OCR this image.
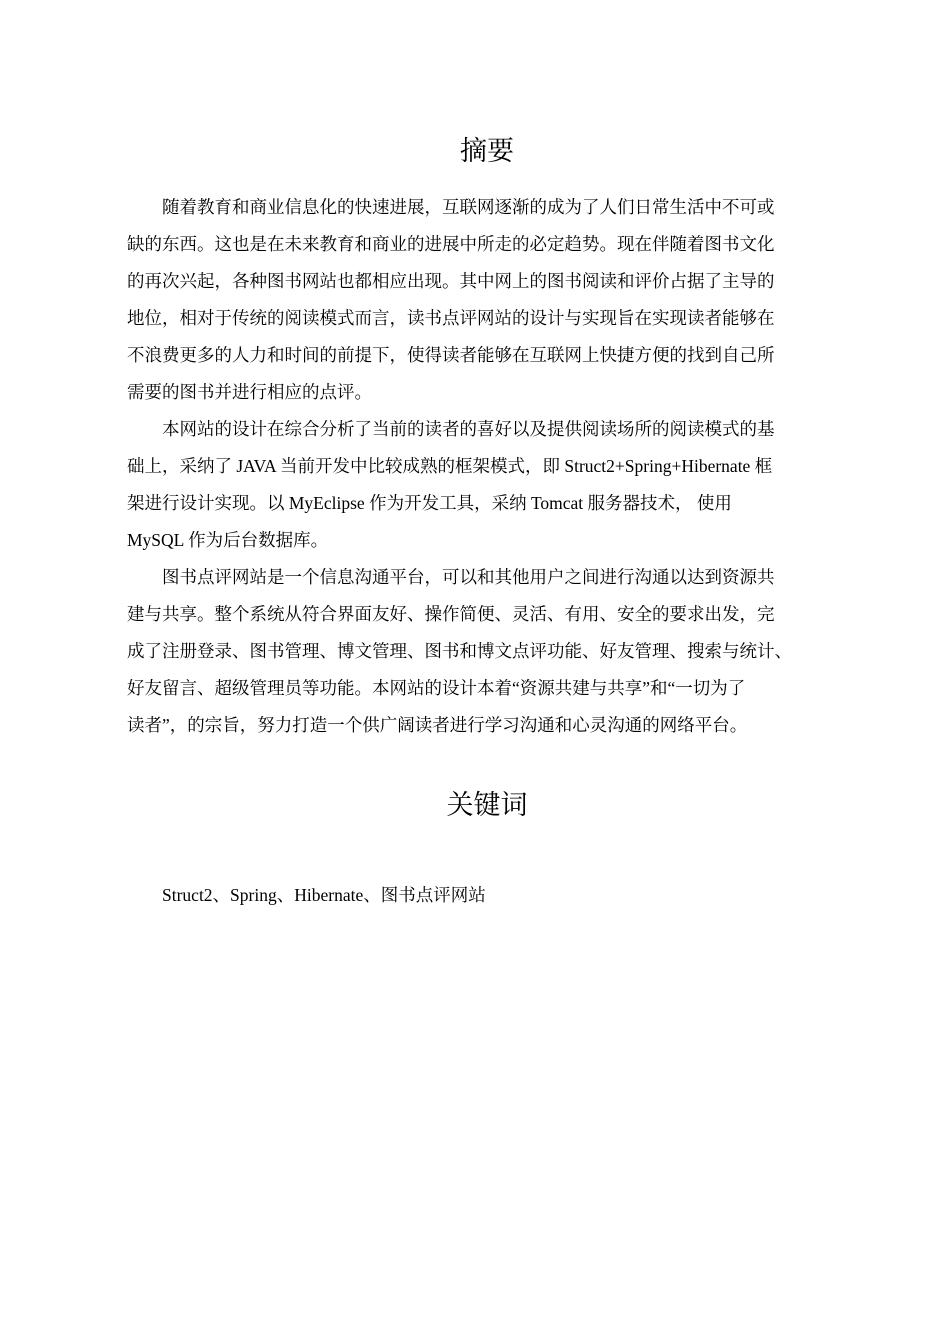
摘要
随着教育和商业信息化的快速进展，互联网逐渐的成为了人们日常生活中不可或
缺的东西。这也是在未来教育和商业的进展中所走的必定趋势。现在伴随着图书文化
的再次兴起，各种图书网站也都相应出现。其中网上的图书阅读和评价占据了主导的
地位，相对于传统的阅读模式而言，读书点评网站的设计与实现旨在实现读者能够在
不浪费更多的人力和时间的前提下，使得读者能够在互联网上快捷方便的找到自己所
需要的图书并进行相应的点评。
本网站的设计在综合分析了当前的读者的喜好以及提供阅读场所的阅读模式的基
础上，采纳了 JAVA 当前开发中比较成熟的框架模式，即 Struct2+Spring+Hibernate 框
架进行设计实现。以 MyEclipse 作为开发工具，采纳 Tomcat 服务器技术， 使用
MySQL 作为后台数据库。
图书点评网站是一个信息沟通平台，可以和其他用户之间进行沟通以达到资源共
建与共享。整个系统从符合界面友好、操作简便、灵活、有用、安全的要求出发，完
成了注册登录、图书管理、博文管理、图书和博文点评功能、好友管理、搜索与统计、
好友留言、超级管理员等功能。本网站的设计本着“资源共建与共享”和“一切为了
读者”，的宗旨，努力打造一个供广阔读者进行学习沟通和心灵沟通的网络平台。
关键词
Struct2、Spring、Hibernate、图书点评网站
